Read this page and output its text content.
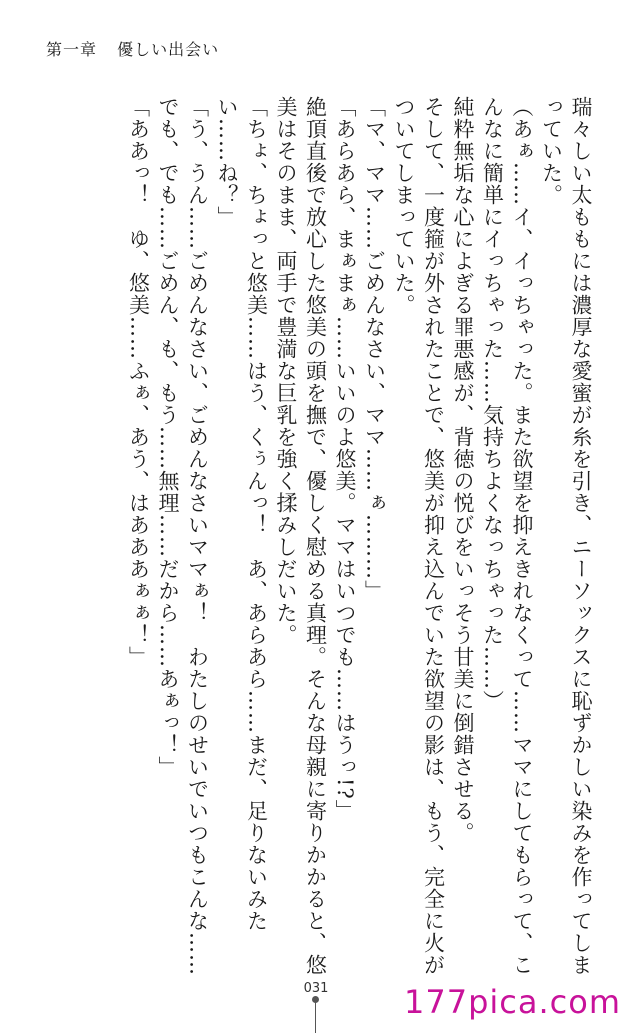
第一章 優しい出会い

瑞々しい太ももには濃厚な愛蜜が糸を引き、ニーソックスに恥ずかしい染みを作ってしまっていた。

（あぁ……イ、イっちゃった。また欲望を抑えきれなくって……ママにしてもらって、こんなに簡単にイっちゃった……気持ちよくなっちゃった……）

純粋無垢な心によぎる罪悪感が、背徳の悦びをいっそう甘美に倒錯させる。

そして、一度箍が外されたことで、悠美が抑え込んでいた欲望の影は、もう、完全に火がついてしまっていた。

「マ、ママ……ごめんなさい、ママ……ぁ………」

「あらあら、まぁまぁ……いいのよ悠美。ママはいつでも……はうっ!?」

絶頂直後で放心した悠美の頭を撫で、優しく慰める真理。そんな母親に寄りかかると、悠美はそのまま、両手で豊満な巨乳を強く揉みしだいた。

「ちょ、ちょっと悠美……はう、くぅんっ！　あ、あらあら……まだ、足りないみたい……ね？」

「う、うん……ごめんなさい、ごめんなさいママぁ！　わたしのせいでいつもこんな……でも、でも……ごめん、も、もう……無理……だから……あぁっ！」

「ああっ！　ゆ、悠美……ふぁ、あう、はあああぁぁ！」

031 177pica.com
